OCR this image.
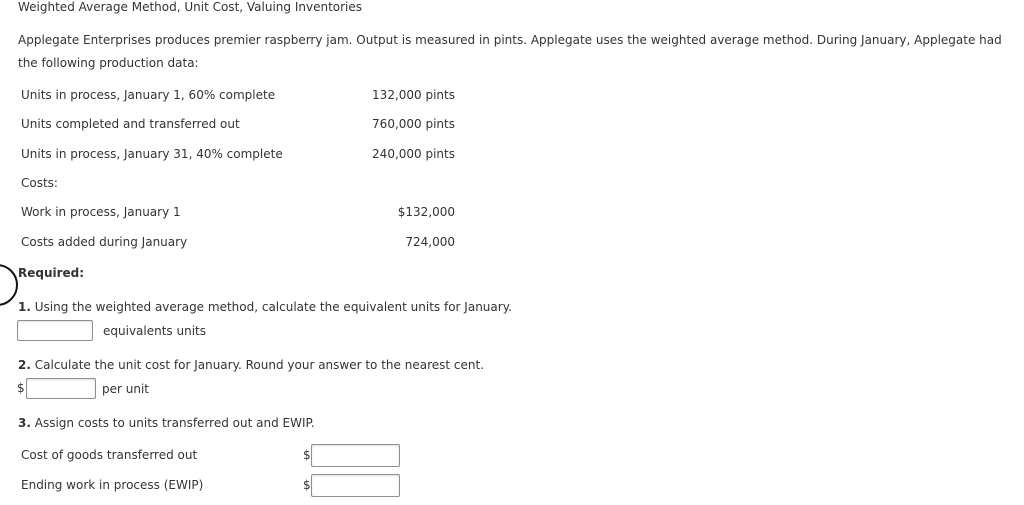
Weighted Average Method, Unit Cost, Valuing Inventories
Applegate Enterprises produces premier raspberry jam. Output is measured in pints. Applegate uses the weighted average method. During January, Applegate had the following production data:
Units in process, January 1, 60% complete	132,000 pints
Units completed and transferred out	760,000 pints
Units in process, January 31, 40% complete	240,000 pints
Costs:
Work in process, January 1	$132,000
Costs added during January	724,000
Required:
1. Using the weighted average method, calculate the equivalent units for January.
equivalents units
2. Calculate the unit cost for January. Round your answer to the nearest cent.
$	per unit
3. Assign costs to units transferred out and EWIP.
Cost of goods transferred out	$
Ending work in process (EWIP)	$
